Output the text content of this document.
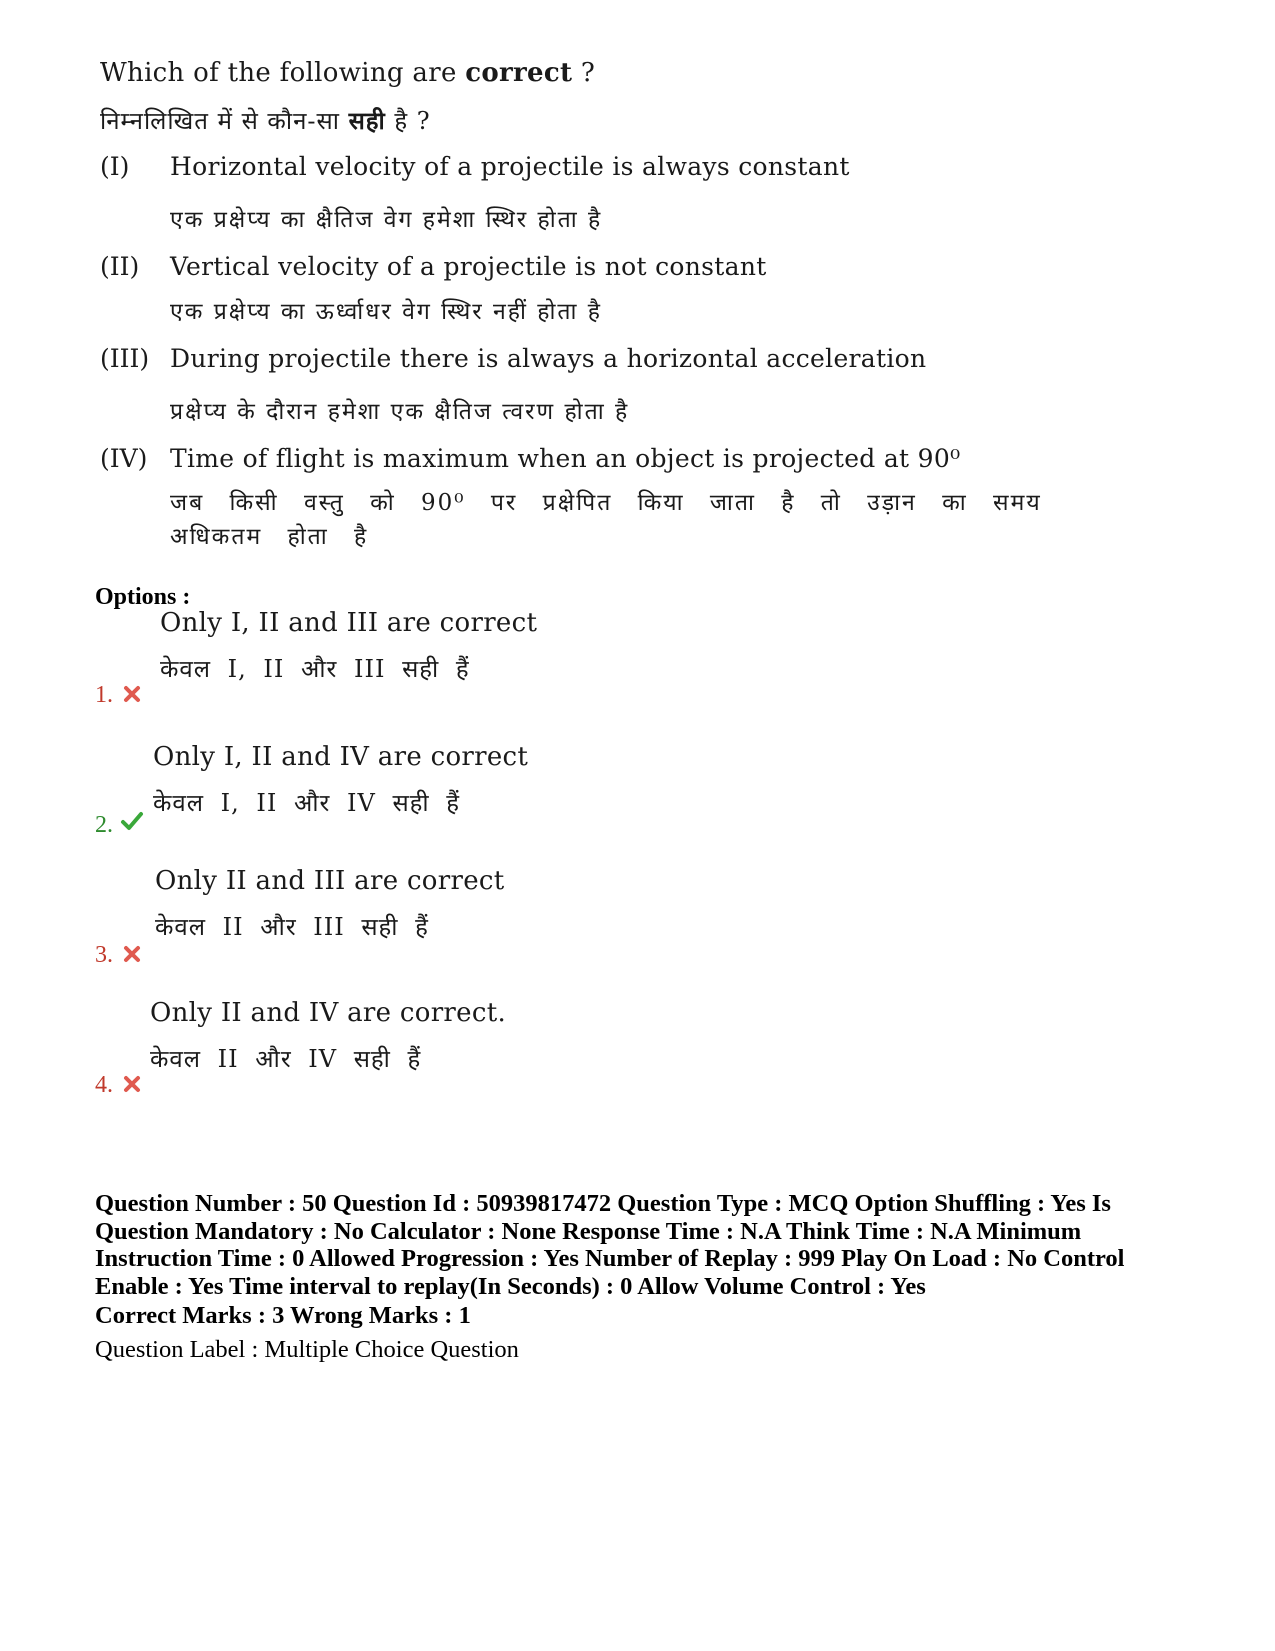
Which of the following are correct ?
निम्नलिखित में से कौन-सा सही है ?
(I) Horizontal velocity of a projectile is always constant
एक प्रक्षेप्य का क्षैतिज वेग हमेशा स्थिर होता है
(II) Vertical velocity of a projectile is not constant
एक प्रक्षेप्य का ऊर्ध्वाधर वेग स्थिर नहीं होता है
(III) During projectile there is always a horizontal acceleration
प्रक्षेप्य के दौरान हमेशा एक क्षैतिज त्वरण होता है
(IV) Time of flight is maximum when an object is projected at 90⁰
जब किसी वस्तु को 90⁰ पर प्रक्षेपित किया जाता है तो उड़ान का समय अधिकतम होता है
Options :
Only I, II and III are correct
केवल I, II और III सही हैं
1.
Only I, II and IV are correct
केवल I, II और IV सही हैं
2.
Only II and III are correct
केवल II और III सही हैं
3.
Only II and IV are correct.
केवल II और IV सही हैं
4.
Question Number : 50 Question Id : 50939817472 Question Type : MCQ Option Shuffling : Yes Is Question Mandatory : No Calculator : None Response Time : N.A Think Time : N.A Minimum Instruction Time : 0 Allowed Progression : Yes Number of Replay : 999 Play On Load : No Control Enable : Yes Time interval to replay(In Seconds) : 0 Allow Volume Control : Yes
Correct Marks : 3 Wrong Marks : 1
Question Label : Multiple Choice Question
